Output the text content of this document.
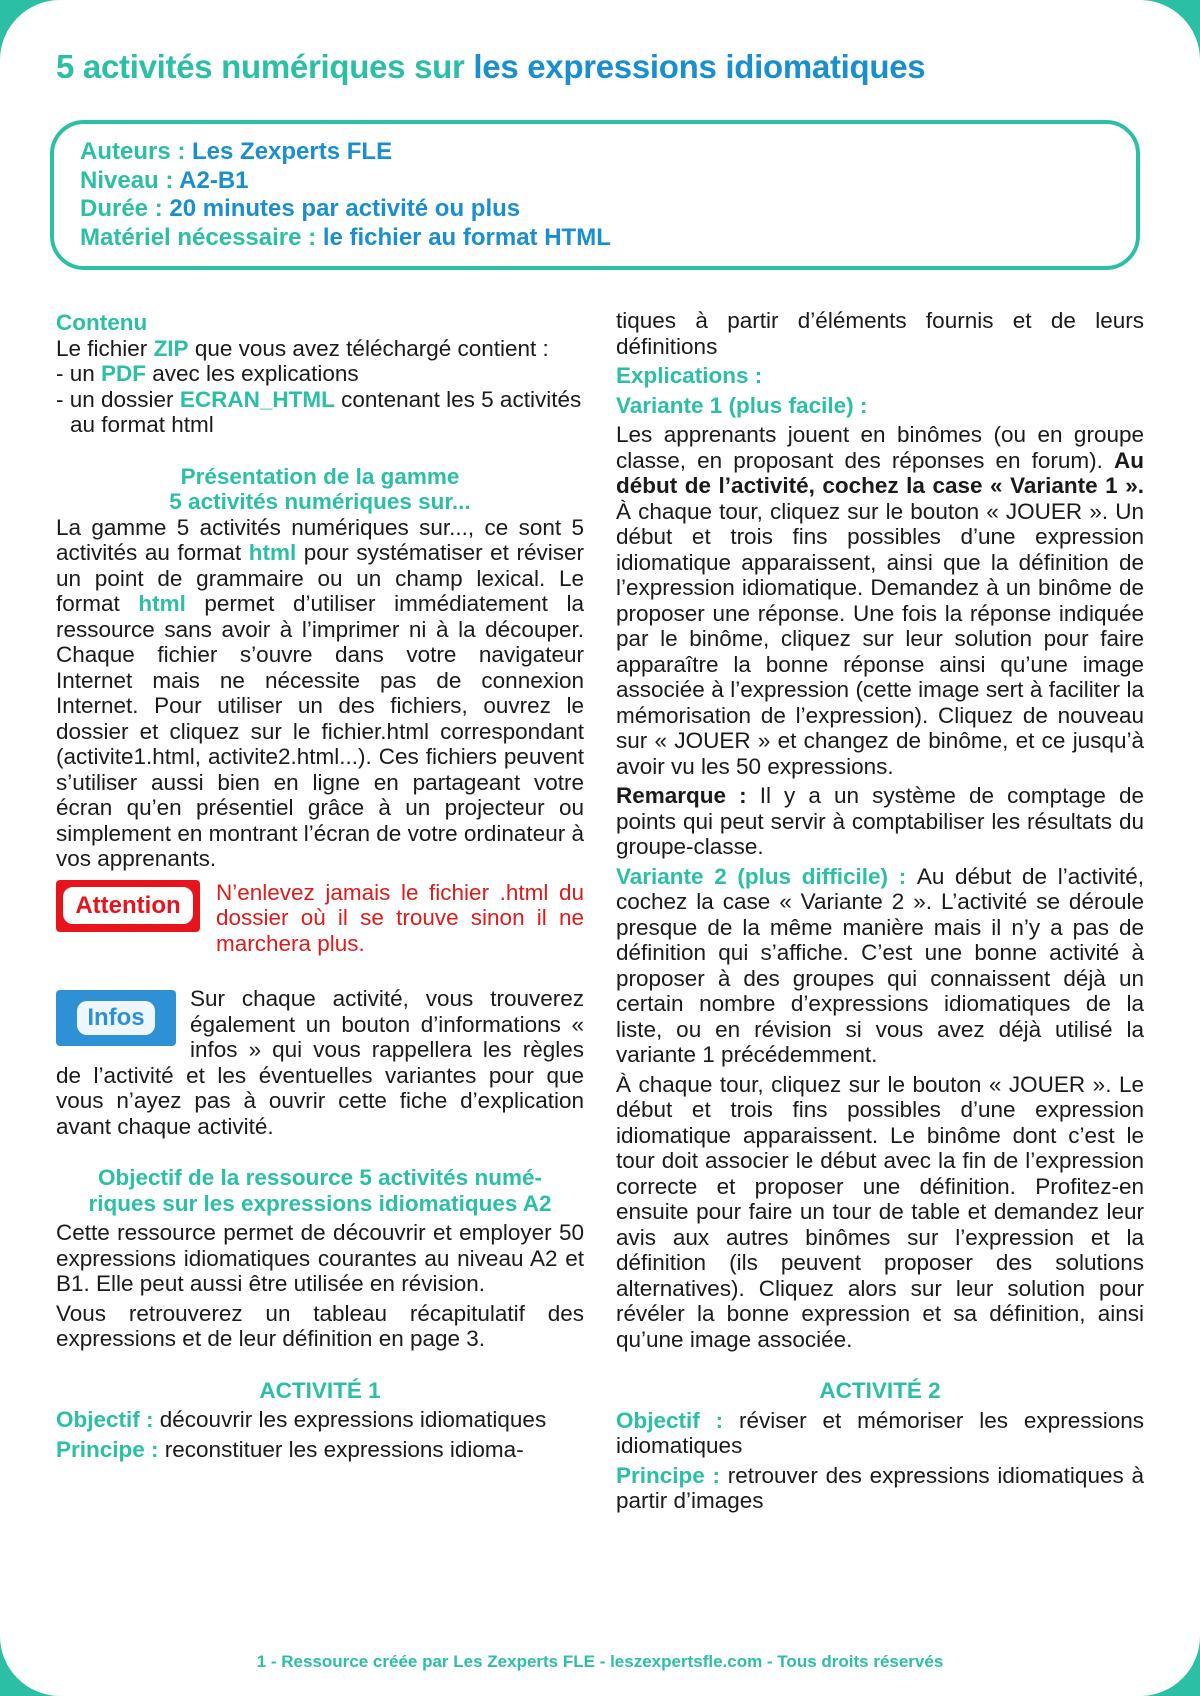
5 activités numériques sur les expressions idiomatiques
Auteurs : Les Zexperts FLE
Niveau : A2-B1
Durée : 20 minutes par activité ou plus
Matériel nécessaire : le fichier au format HTML

Contenu

Le fichier ZIP que vous avez téléchargé contient :

- un PDF avec les explications

- un dossier ECRAN_HTML contenant les 5 activités au format html

Présentation de la gamme

5 activités numériques sur...

La gamme 5 activités numériques sur..., ce sont 5 activités au format html pour systématiser et réviser un point de grammaire ou un champ lexical. Le format html permet d’utiliser immédiatement la ressource sans avoir à l’imprimer ni à la découper. Chaque fichier s’ouvre dans votre navigateur Internet mais ne nécessite pas de connexion Internet. Pour utiliser un des fichiers, ouvrez le dossier et cliquez sur le fichier.html correspondant (activite1.html, activite2.html...). Ces fichiers peuvent s’utiliser aussi bien en ligne en partageant votre écran qu’en présentiel grâce à un projecteur ou simplement en montrant l’écran de votre ordinateur à vos apprenants.

Attention	N’enlevez jamais le fichier .html du dossier où il se trouve sinon il ne marchera plus.

Infos

Sur chaque activité, vous trouverez également un bouton d’informations « infos » qui vous rappellera les règles de l’activité et les éventuelles variantes pour que vous n’ayez pas à ouvrir cette fiche d’explication avant chaque activité.

Objectif de la ressource 5 activités numé-

riques sur les expressions idiomatiques A2

Cette ressource permet de découvrir et employer 50 expressions idiomatiques courantes au niveau A2 et B1. Elle peut aussi être utilisée en révision.

Vous retrouverez un tableau récapitulatif des expressions et de leur définition en page 3.

ACTIVITÉ 1

Objectif : découvrir les expressions idiomatiques

Principe : reconstituer les expressions idioma-

tiques à partir d’éléments fournis et de leurs définitions

Explications :

Variante 1 (plus facile) :

Les apprenants jouent en binômes (ou en groupe classe, en proposant des réponses en forum). Au début de l’activité, cochez la case « Variante 1 ». À chaque tour, cliquez sur le bouton « JOUER ». Un début et trois fins possibles d’une expression idiomatique apparaissent, ainsi que la définition de l’expression idiomatique. Demandez à un binôme de proposer une réponse. Une fois la réponse indiquée par le binôme, cliquez sur leur solution pour faire apparaître la bonne réponse ainsi qu’une image associée à l’expression (cette image sert à faciliter la mémorisation de l’expression). Cliquez de nouveau sur « JOUER » et changez de binôme, et ce jusqu’à avoir vu les 50 expressions.

Remarque : Il y a un système de comptage de points qui peut servir à comptabiliser les résultats du groupe-classe.

Variante 2 (plus difficile) : Au début de l’activité, cochez la case « Variante 2 ». L’activité se déroule presque de la même manière mais il n’y a pas de définition qui s’affiche. C’est une bonne activité à proposer à des groupes qui connaissent déjà un certain nombre d’expressions idiomatiques de la liste, ou en révision si vous avez déjà utilisé la variante 1 précédemment.

À chaque tour, cliquez sur le bouton « JOUER ». Le début et trois fins possibles d’une expression idiomatique apparaissent. Le binôme dont c’est le tour doit associer le début avec la fin de l’expression correcte et proposer une définition. Profitez-en ensuite pour faire un tour de table et demandez leur avis aux autres binômes sur l’expression et la définition (ils peuvent proposer des solutions alternatives). Cliquez alors sur leur solution pour révéler la bonne expression et sa définition, ainsi qu’une image associée.

ACTIVITÉ 2

Objectif : réviser et mémoriser les expressions idiomatiques

Principe : retrouver des expressions idiomatiques à partir d’images

1 - Ressource créée par Les Zexperts FLE - leszexpertsfle.com - Tous droits réservés
